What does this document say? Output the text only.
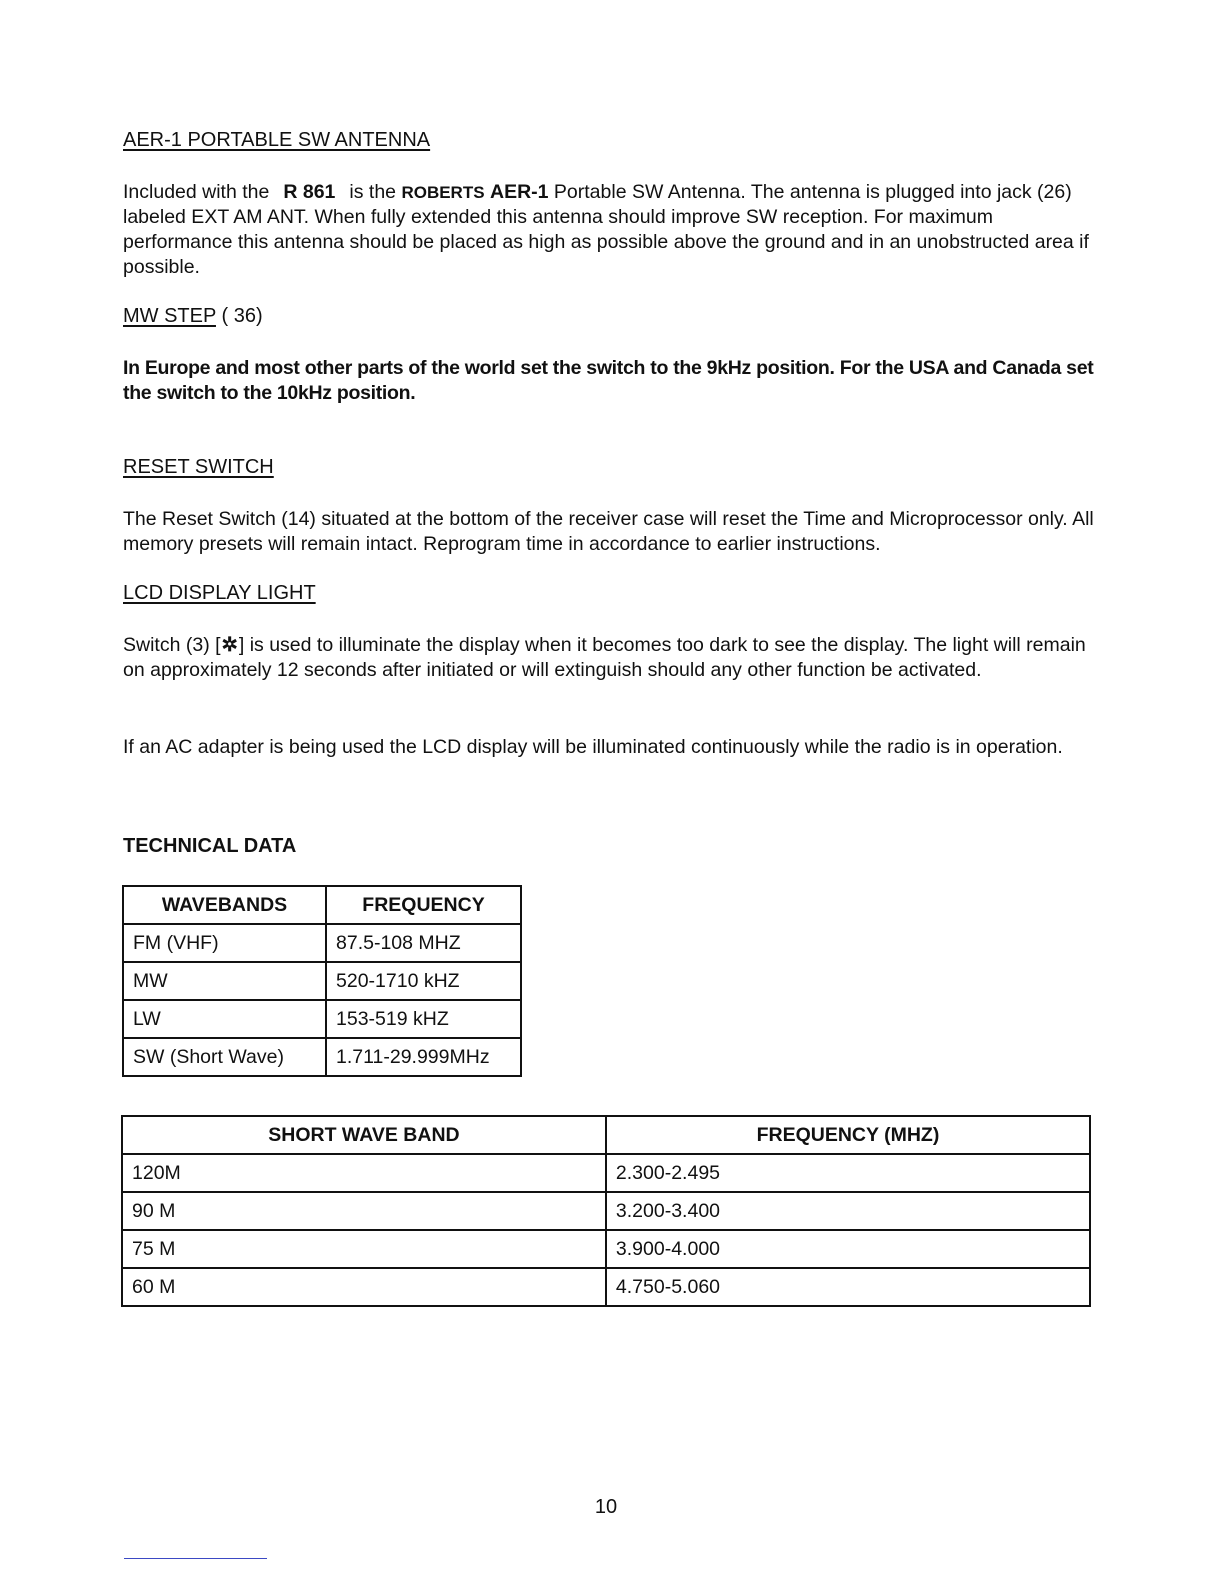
AER-1 PORTABLE SW ANTENNA
Included with the R 861 is the ROBERTS AER-1 Portable SW Antenna. The antenna is plugged into jack (26) labeled EXT AM ANT. When fully extended this antenna should improve SW reception. For maximum performance this antenna should be placed as high as possible above the ground and in an unobstructed area if possible.
MW STEP ( 36)
In Europe and most other parts of the world set the switch to the 9kHz position. For the USA and Canada set the switch to the 10kHz position.
RESET SWITCH
The Reset Switch (14) situated at the bottom of the receiver case will reset the Time and Microprocessor only. All memory presets will remain intact. Reprogram time in accordance to earlier instructions.
LCD DISPLAY LIGHT
Switch (3) [✲] is used to illuminate the display when it becomes too dark to see the display. The light will remain on approximately 12 seconds after initiated or will extinguish should any other function be activated.
If an AC adapter is being used the LCD display will be illuminated continuously while the radio is in operation.
TECHNICAL DATA
WAVEBANDS	FREQUENCY
FM (VHF)	87.5-108 MHZ
MW	520-1710 kHZ
LW	153-519 kHZ
SW (Short Wave)	1.711-29.999MHz
SHORT WAVE BAND	FREQUENCY (MHZ)
120M	2.300-2.495
90 M	3.200-3.400
75 M	3.900-4.000
60 M	4.750-5.060
10
